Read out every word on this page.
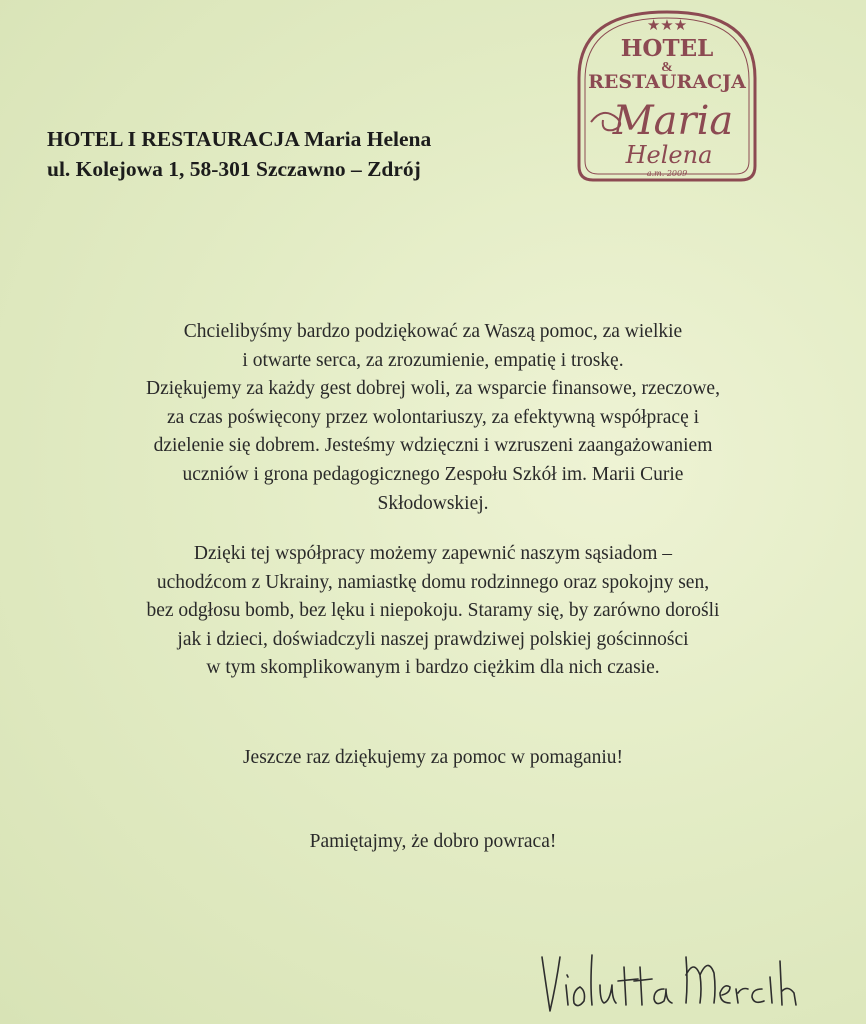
HOTEL I RESTAURACJA Maria Helena
ul. Kolejowa 1, 58-301 Szczawno – Zdrój
★★★
HOTEL
&
RESTAURACJA
Maria
Helena
a.m. 2009

Chcielibyśmy bardzo podziękować za Waszą pomoc, za wielkie

i otwarte serca, za zrozumienie, empatię i troskę.

Dziękujemy za każdy gest dobrej woli, za wsparcie finansowe, rzeczowe,

za czas poświęcony przez wolontariuszy, za efektywną współpracę i

dzielenie się dobrem. Jesteśmy wdzięczni i wzruszeni zaangażowaniem

uczniów i grona pedagogicznego Zespołu Szkół im. Marii Curie

Skłodowskiej.

Dzięki tej współpracy możemy zapewnić naszym sąsiadom –

uchodźcom z Ukrainy, namiastkę domu rodzinnego oraz spokojny sen,

bez odgłosu bomb, bez lęku i niepokoju. Staramy się, by zarówno dorośli

jak i dzieci, doświadczyli naszej prawdziwej polskiej gościnności

w tym skomplikowanym i bardzo ciężkim dla nich czasie.

Jeszcze raz dziękujemy za pomoc w pomaganiu!

Pamiętajmy, że dobro powraca!
